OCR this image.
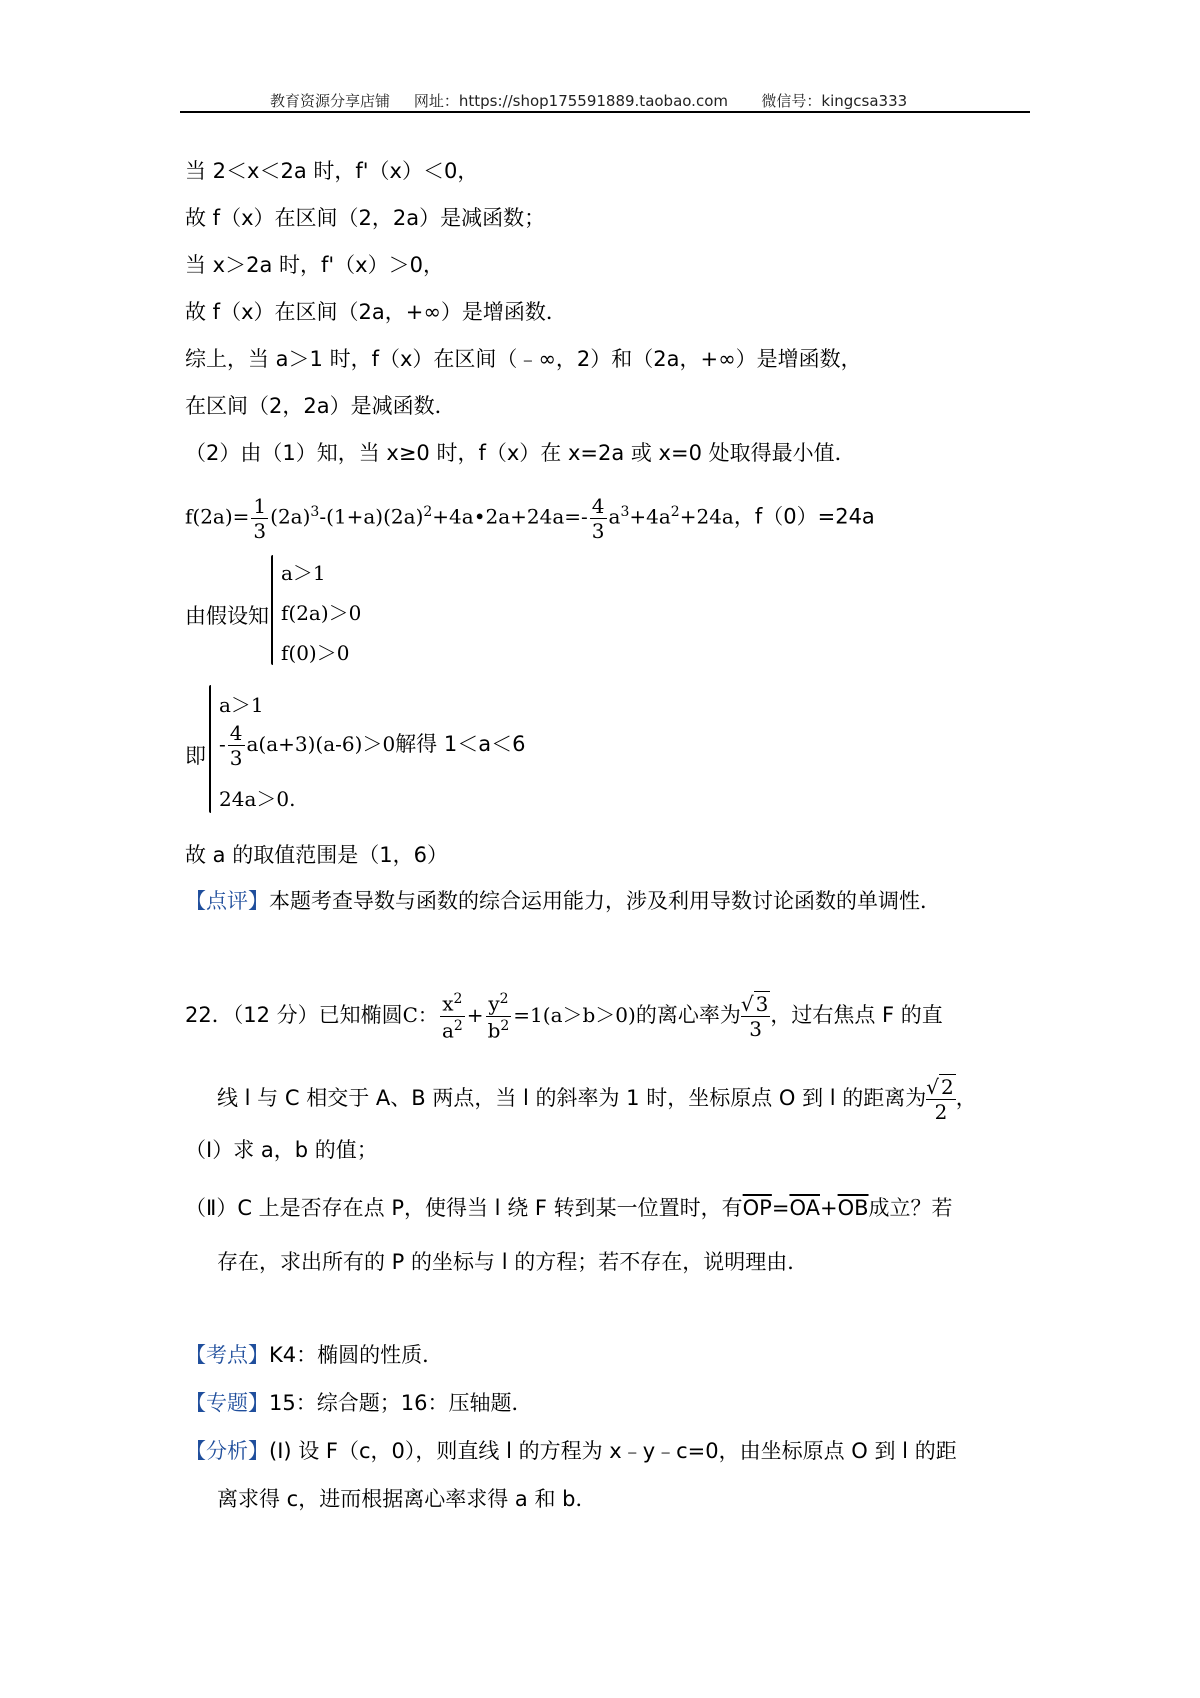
教育资源分享店铺 网址：https://shop175591889.taobao.com 微信号：kingcsa333
当 2＜x＜2a 时，f'（x）＜0，
故 f（x）在区间（2，2a）是减函数；
当 x＞2a 时，f'（x）＞0，
故 f（x）在区间（2a，+∞）是增函数．
综上，当 a＞1 时，f（x）在区间（﹣∞，2）和（2a，+∞）是增函数，
在区间（2，2a）是减函数．
（2）由（1）知，当 x≥0 时，f（x）在 x=2a 或 x=0 处取得最小值．
$f(2a)= \frac{1}{3}$ $(2a)^3-(1+a)(2a)^2+4a•2a+24a=- \frac{4}{3} a^3+4a^2+24a$，f（0）=24a
由假设知
a＞1
f(2a)＞0
f(0)＞0
即
a＞1
- $\frac{4}{3} a(a+3)(a-6)>0$解得 1＜a＜6
24a＞0.
故 a 的取值范围是（1，6）
【点评】本题考查导数与函数的综合运用能力，涉及利用导数讨论函数的单调性．
22．（12 分）已知椭圆C： $\frac{x^2}{a^2} + \frac{y^2}{b^2} =1(a>b>0)$的离心率为 $\frac{√ 3}{3}$ ，过右焦点 F 的直
线 l 与 C 相交于 A、B 两点，当 l 的斜率为 1 时，坐标原点 O 到 l 的距离为 $\frac{√ 2}{2}$ ，
（Ⅰ）求 a，b 的值；
（Ⅱ）C 上是否存在点 P，使得当 l 绕 F 转到某一位置时，有$\overline{OP}=\overline{OA}+\overline{OB}$成立？若
存在，求出所有的 P 的坐标与 l 的方程；若不存在，说明理由．
【考点】K4：椭圆的性质．
【专题】15：综合题；16：压轴题．
【分析】(Ⅰ) 设 F（c，0），则直线 l 的方程为 x﹣y﹣c=0，由坐标原点 O 到 l 的距
离求得 c，进而根据离心率求得 a 和 b．
